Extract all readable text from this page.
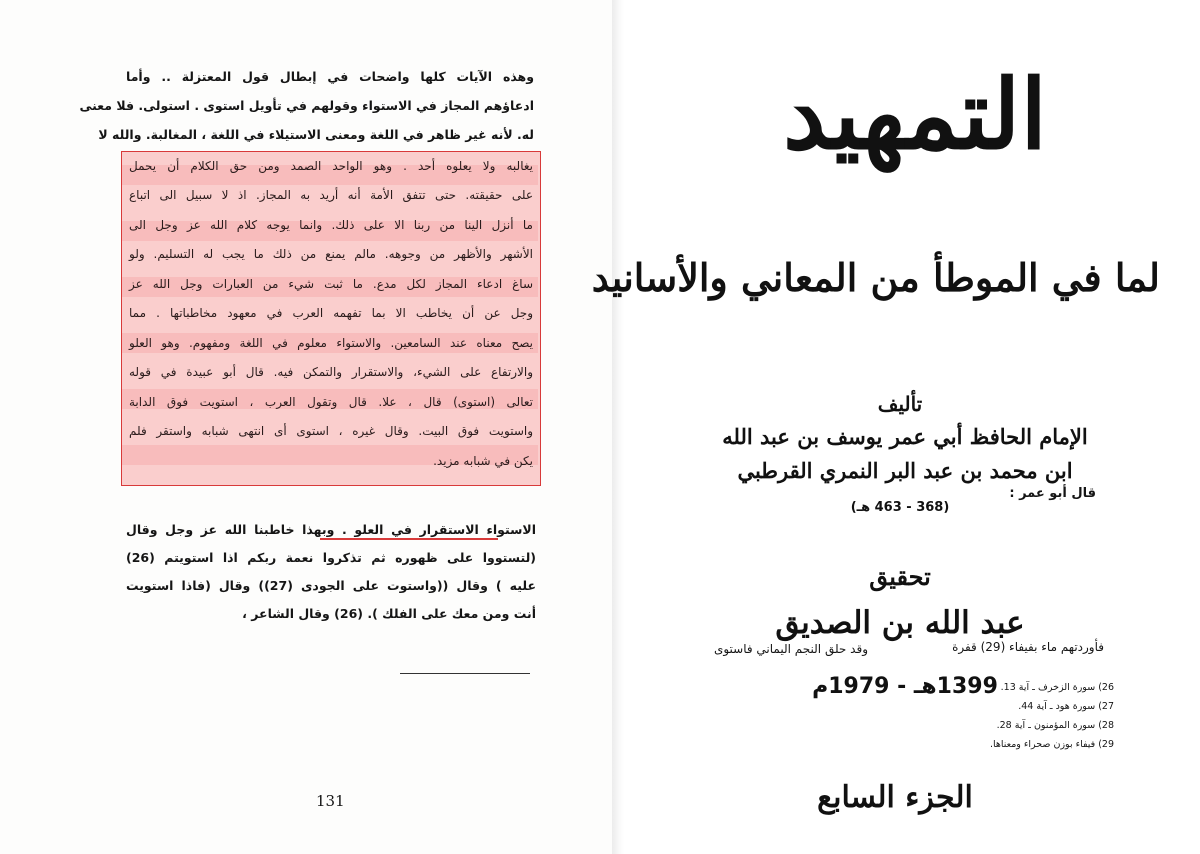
وهذه الآيات كلها واضحات في إبطال قول المعتزلة .. وأما
ادعاؤهم المجاز في الاستواء وقولهم في تأويل استوى . استولى. فلا معنى
له. لأنه غير ظاهر في اللغة ومعنى الاستيلاء في اللغة ، المغالبة. والله لا
يغالبه ولا يعلوه أحد . وهو الواحد الصمد ومن حق الكلام أن يحمل
على حقيقته. حتى تتفق الأمة أنه أريد به المجاز. اذ لا سبيل الى اتباع
ما أنزل الينا من ربنا الا على ذلك. وانما يوجه كلام الله عز وجل الى
الأشهر والأظهر من وجوهه. مالم يمنع من ذلك ما يجب له التسليم. ولو
ساغ ادعاء المجاز لكل مدع. ما ثبت شيء من العبارات وجل الله عز
وجل عن أن يخاطب الا بما تفهمه العرب في معهود مخاطباتها . مما
يصح معناه عند السامعين. والاستواء معلوم في اللغة ومفهوم. وهو العلو
والارتفاع على الشيء، والاستقرار والتمكن فيه. قال أبو عبيدة في قوله
تعالى (استوى) قال ، علا. قال وتقول العرب ، استويت فوق الدابة
واستويت فوق البيت. وقال غيره ، استوى أى انتهى شبابه واستقر فلم
يكن في شبابه مزيد.
قال أبو عمر :
الاستواء الاستقرار في العلو . وبهذا خاطبنا الله عز وجل وقال
(لتستووا على ظهوره ثم تذكروا نعمة ربكم اذا استويتم (26)
عليه ) وقال ((واستوت على الجودى (27)) وقال (فاذا استويت
أنت ومن معك على الفلك ). (26) وقال الشاعر ،
فأوردتهم ماء بفيفاء (29) قفرة
وقد حلق النجم اليماني فاستوى
26) سورة الزخرف ـ آية 13.
27) سورة هود ـ آية 44.
28) سورة المؤمنون ـ آية 28.
29) فيفاء بوزن صحراء ومعناها.
131
التمهيد
لما في الموطأ من المعاني والأسانيد
تأليف
الإمام الحافظ أبي عمر يوسف بن عبد الله
ابن محمد بن عبد البر النمري القرطبي
(368 - 463 هـ)
تحقيق
عبد الله بن الصديق
1399هـ - 1979م
الجزء السابع
